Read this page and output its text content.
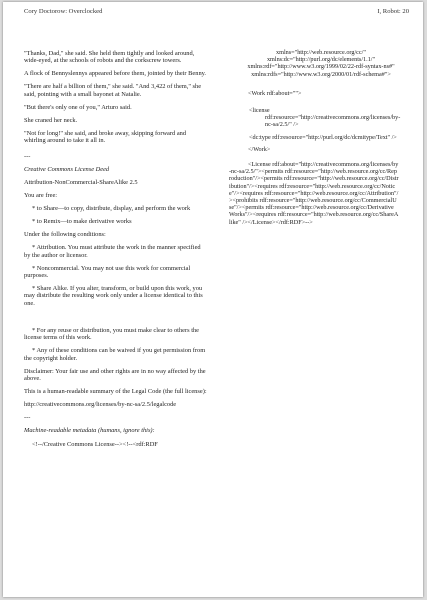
Cory Doctorow: Overclocked	I, Robot: 20

"Thanks, Dad," she said. She held them tightly and looked around, wide-eyed, at the schools of robots and the corkscrew towers.

A flock of Bennyslennys appeared before them, jointed by their Benny.

"There are half a billion of them," she said. "And 3,422 of them," she said, pointing with a small bayonet at Natalie.

"But there's only one of you," Arturo said.

She craned her neck.

"Not for long!" she said, and broke away, skipping forward and whirling around to take it all in.

---

Creative Commons License Deed

Attribution-NonCommercial-ShareAlike 2.5

You are free:

* to Share—to copy, distribute, display, and perform the work

* to Remix—to make derivative works

Under the following conditions:

* Attribution. You must attribute the work in the manner specified by the author or licensor.

* Noncommercial. You may not use this work for commercial purposes.

* Share Alike. If you alter, transform, or build upon this work, you may distribute the resulting work only under a license identical to this one.

* For any reuse or distribution, you must make clear to others the license terms of this work.

* Any of these conditions can be waived if you get permission from the copyright holder.

Disclaimer: Your fair use and other rights are in no way affected by the above.

This is a human-readable summary of the Legal Code (the full license):

http://creativecommons.org/licenses/by-nc-sa/2.5/legalcode

---

Machine-readable metadata (humans, ignore this):

<!--/Creative Commons License--><!--<rdf:RDF

xmlns="http://web.resource.org/cc/" xmlns:dc="http://purl.org/dc/elements/1.1/" xmlns:rdf="http://www.w3.org/1999/02/22-rdf-syntax-ns#" xmlns:rdfs="http://www.w3.org/2000/01/rdf-schema#">

<Work rdf:about="">

<license rdf:resource="http://creativecommons.org/licenses/by-nc-sa/2.5/" />

<dc:type rdf:resource="http://purl.org/dc/dcmitype/Text" />

</Work>

<License rdf:about="http://creativecommons.org/licenses/by-nc-sa/2.5/"><permits rdf:resource="http://web.resource.org/cc/Reproduction"/><permits rdf:resource="http://web.resource.org/cc/Distribution"/><requires rdf:resource="http://web.resource.org/cc/Notice"/><requires rdf:resource="http://web.resource.org/cc/Attribution"/><prohibits rdf:resource="http://web.resource.org/cc/CommercialUse"/><permits rdf:resource="http://web.resource.org/cc/DerivativeWorks"/><requires rdf:resource="http://web.resource.org/cc/ShareAlike" /></License></rdf:RDF>-->
